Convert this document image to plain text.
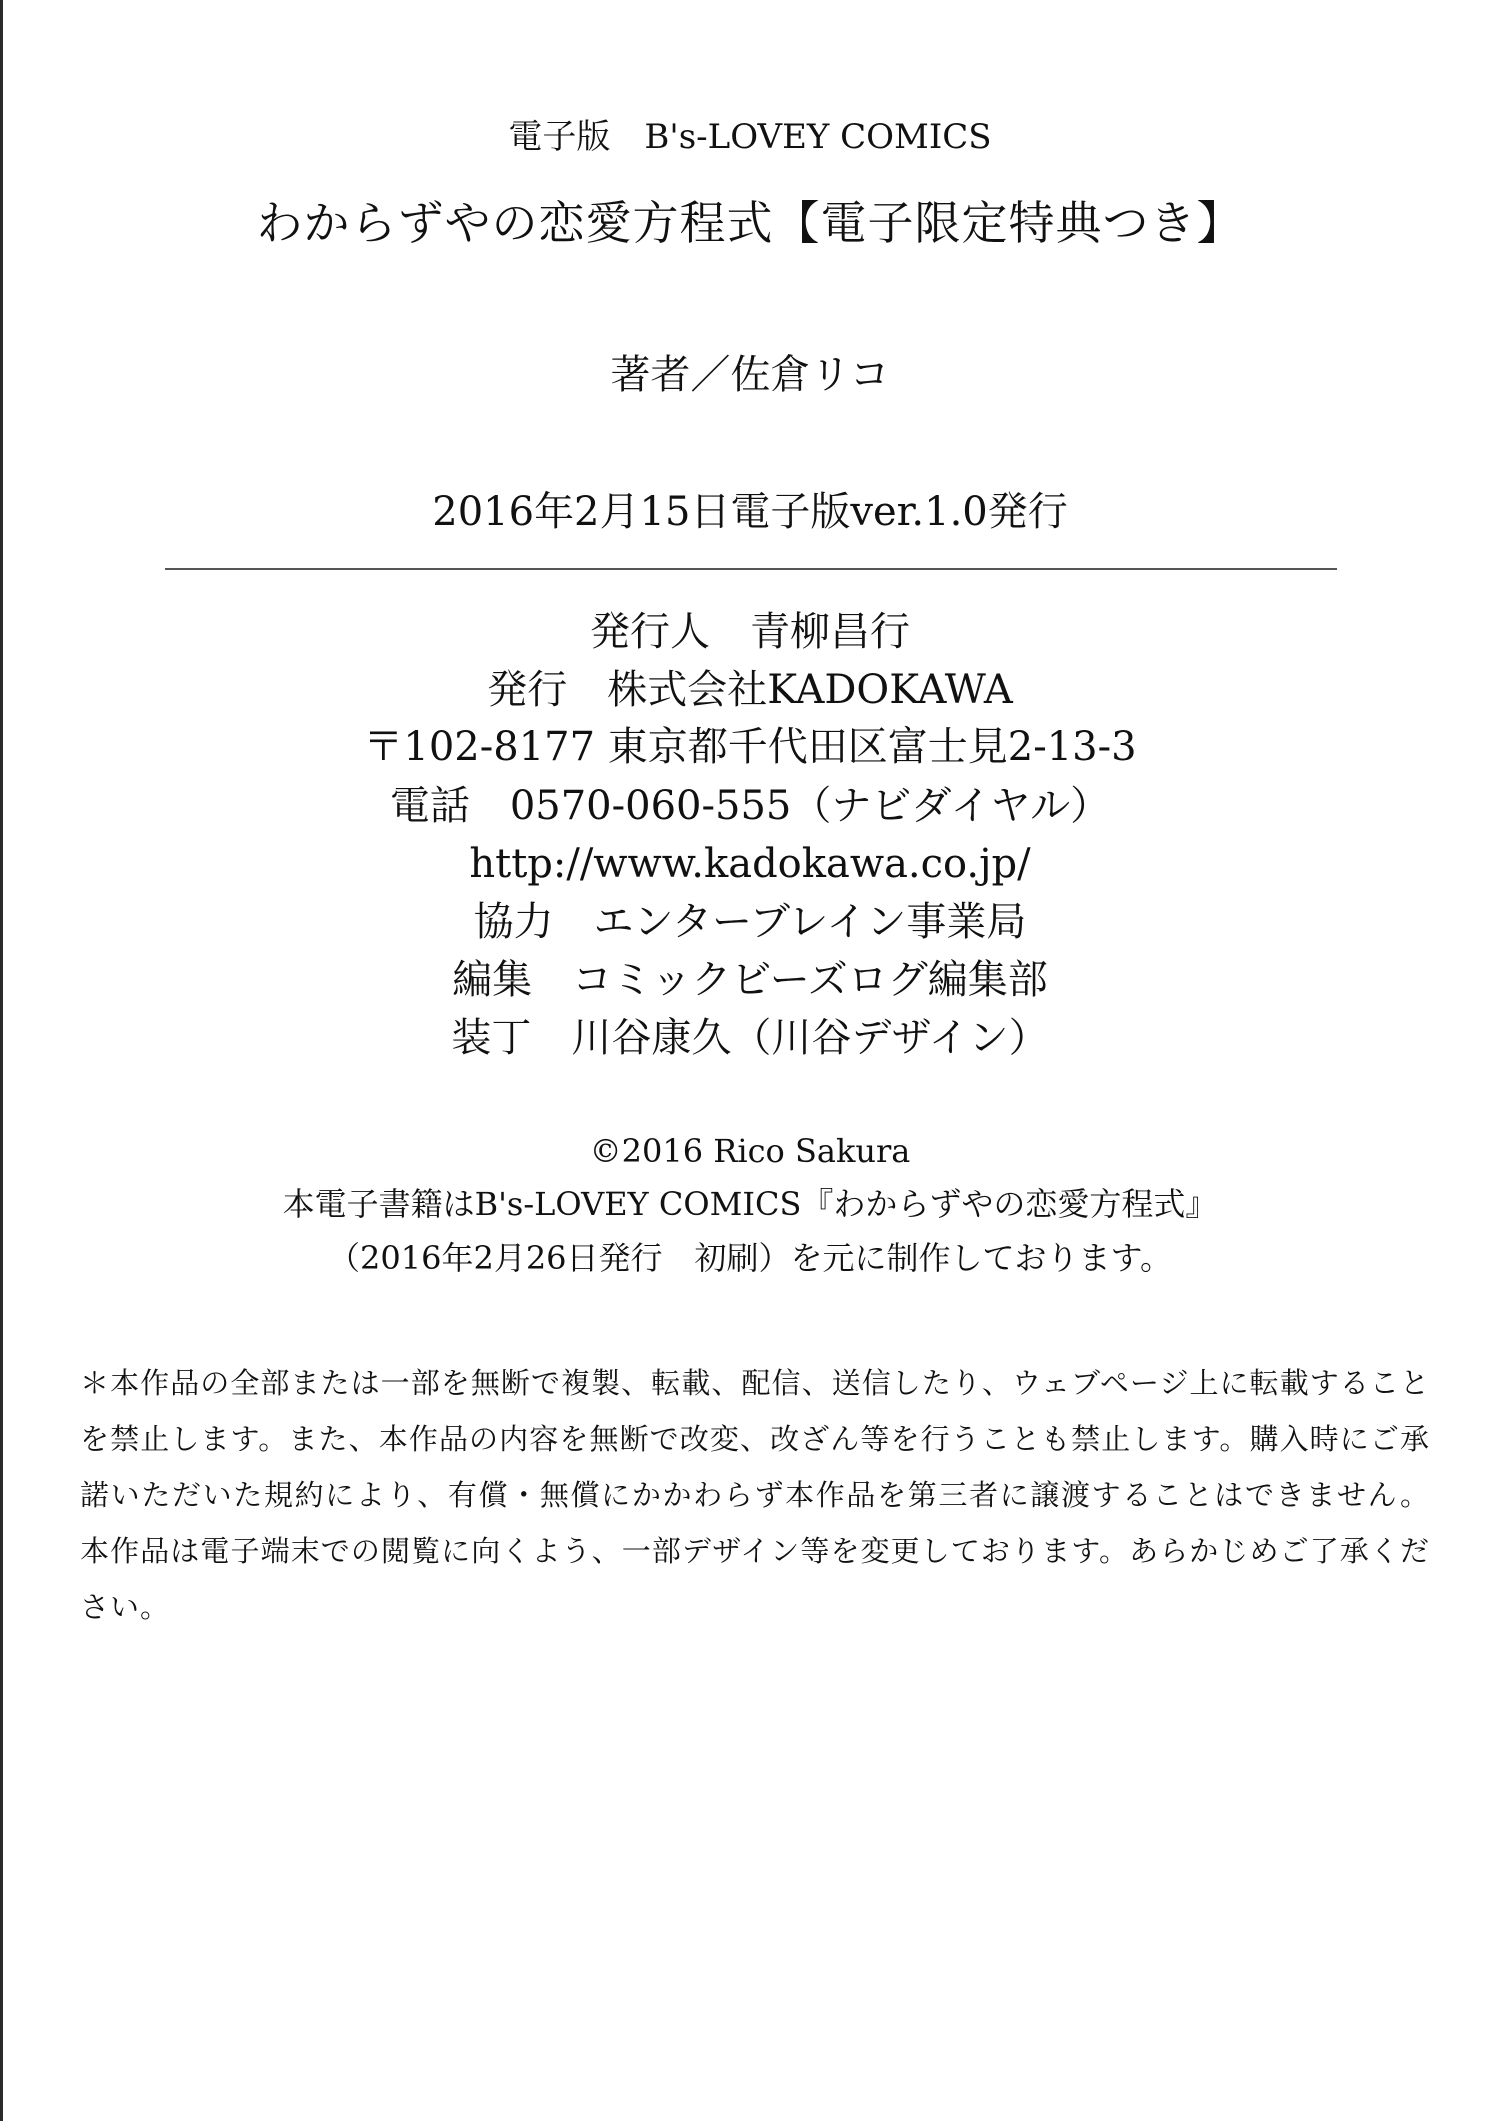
電子版　B's-LOVEY COMICS
わからずやの恋愛方程式【電子限定特典つき】
著者／佐倉リコ
2016年2月15日電子版ver.1.0発行
発行人　青柳昌行
発行　株式会社KADOKAWA
〒102-8177 東京都千代田区富士見2-13-3
電話　0570-060-555（ナビダイヤル）
http://www.kadokawa.co.jp/
協力　エンターブレイン事業局
編集　コミックビーズログ編集部
装丁　川谷康久（川谷デザイン）
©2016 Rico Sakura
本電子書籍はB's-LOVEY COMICS『わからずやの恋愛方程式』
（2016年2月26日発行　初刷）を元に制作しております。
＊本作品の全部または一部を無断で複製、転載、配信、送信したり、ウェブページ上に転載することを禁止します。また、本作品の内容を無断で改変、改ざん等を行うことも禁止します。購入時にご承諾いただいた規約により、有償・無償にかかわらず本作品を第三者に譲渡することはできません。本作品は電子端末での閲覧に向くよう、一部デザイン等を変更しております。あらかじめご了承ください。
